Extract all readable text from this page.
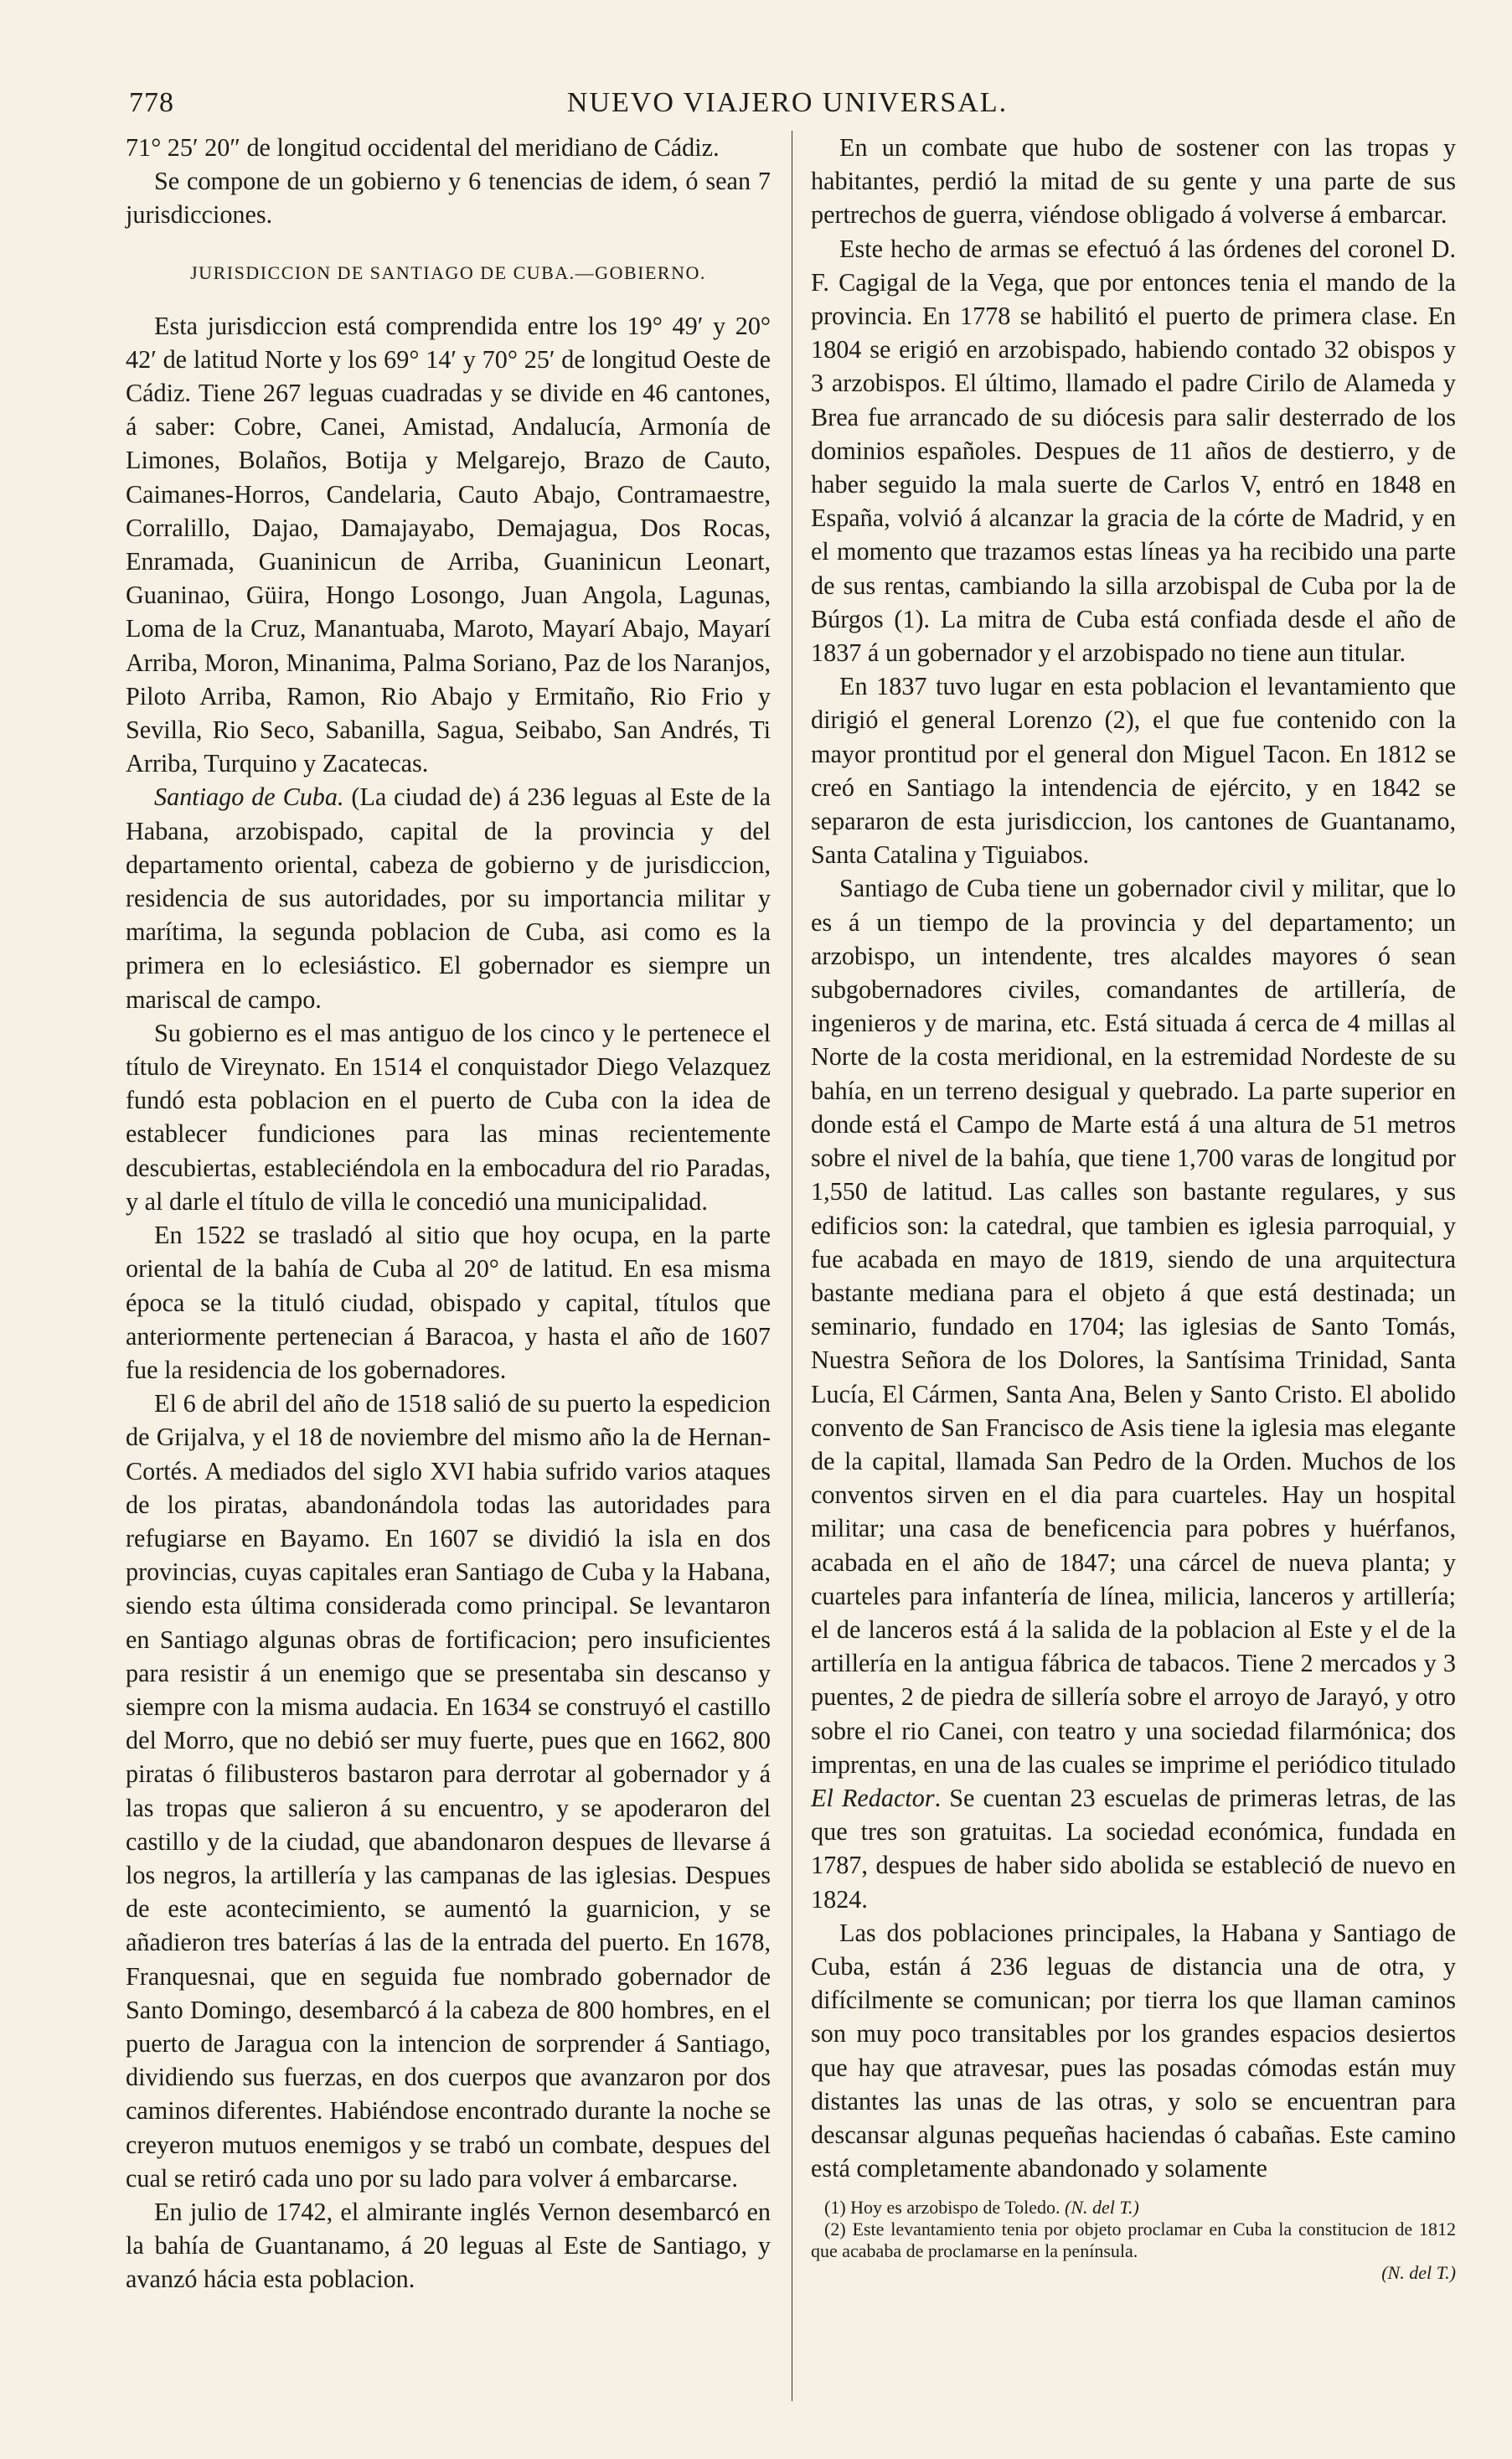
778	NUEVO VIAJERO UNIVERSAL.

71° 25′ 20″ de longitud occidental del meridiano de Cádiz.

Se compone de un gobierno y 6 tenencias de idem, ó sean 7 jurisdicciones.

JURISDICCION DE SANTIAGO DE CUBA.—GOBIERNO.

Esta jurisdiccion está comprendida entre los 19° 49′ y 20° 42′ de latitud Norte y los 69° 14′ y 70° 25′ de longitud Oeste de Cádiz. Tiene 267 leguas cuadradas y se divide en 46 cantones, á saber: Cobre, Canei, Amistad, Andalucía, Armonía de Limones, Bolaños, Botija y Melgarejo, Brazo de Cauto, Caimanes-Horros, Candelaria, Cauto Abajo, Contramaestre, Corralillo, Dajao, Damajayabo, Demajagua, Dos Rocas, Enramada, Guaninicun de Arriba, Guaninicun Leonart, Guaninao, Güira, Hongo Losongo, Juan Angola, Lagunas, Loma de la Cruz, Manantuaba, Maroto, Mayarí Abajo, Mayarí Arriba, Moron, Minanima, Palma Soriano, Paz de los Naranjos, Piloto Arriba, Ramon, Rio Abajo y Ermitaño, Rio Frio y Sevilla, Rio Seco, Sabanilla, Sagua, Seibabo, San Andrés, Ti Arriba, Turquino y Zacatecas.

Santiago de Cuba. (La ciudad de) á 236 leguas al Este de la Habana, arzobispado, capital de la provincia y del departamento oriental, cabeza de gobierno y de jurisdiccion, residencia de sus autoridades, por su importancia militar y marítima, la segunda poblacion de Cuba, asi como es la primera en lo eclesiástico. El gobernador es siempre un mariscal de campo.

Su gobierno es el mas antiguo de los cinco y le pertenece el título de Vireynato. En 1514 el conquistador Diego Velazquez fundó esta poblacion en el puerto de Cuba con la idea de establecer fundiciones para las minas recientemente descubiertas, estableciéndola en la embocadura del rio Paradas, y al darle el título de villa le concedió una municipalidad.

En 1522 se trasladó al sitio que hoy ocupa, en la parte oriental de la bahía de Cuba al 20° de latitud. En esa misma época se la tituló ciudad, obispado y capital, títulos que anteriormente pertenecian á Baracoa, y hasta el año de 1607 fue la residencia de los gobernadores.

El 6 de abril del año de 1518 salió de su puerto la espedicion de Grijalva, y el 18 de noviembre del mismo año la de Hernan-Cortés. A mediados del siglo XVI habia sufrido varios ataques de los piratas, abandonándola todas las autoridades para refugiarse en Bayamo. En 1607 se dividió la isla en dos provincias, cuyas capitales eran Santiago de Cuba y la Habana, siendo esta última considerada como principal. Se levantaron en Santiago algunas obras de fortificacion; pero insuficientes para resistir á un enemigo que se presentaba sin descanso y siempre con la misma audacia. En 1634 se construyó el castillo del Morro, que no debió ser muy fuerte, pues que en 1662, 800 piratas ó filibusteros bastaron para derrotar al gobernador y á las tropas que salieron á su encuentro, y se apoderaron del castillo y de la ciudad, que abandonaron despues de llevarse á los negros, la artillería y las campanas de las iglesias. Despues de este acontecimiento, se aumentó la guarnicion, y se añadieron tres baterías á las de la entrada del puerto. En 1678, Franquesnai, que en seguida fue nombrado gobernador de Santo Domingo, desembarcó á la cabeza de 800 hombres, en el puerto de Jaragua con la intencion de sorprender á Santiago, dividiendo sus fuerzas, en dos cuerpos que avanzaron por dos caminos diferentes. Habiéndose encontrado durante la noche se creyeron mutuos enemigos y se trabó un combate, despues del cual se retiró cada uno por su lado para volver á embarcarse.

En julio de 1742, el almirante inglés Vernon desembarcó en la bahía de Guantanamo, á 20 leguas al Este de Santiago, y avanzó hácia esta poblacion.

En un combate que hubo de sostener con las tropas y habitantes, perdió la mitad de su gente y una parte de sus pertrechos de guerra, viéndose obligado á volverse á embarcar.

Este hecho de armas se efectuó á las órdenes del coronel D. F. Cagigal de la Vega, que por entonces tenia el mando de la provincia. En 1778 se habilitó el puerto de primera clase. En 1804 se erigió en arzobispado, habiendo contado 32 obispos y 3 arzobispos. El último, llamado el padre Cirilo de Alameda y Brea fue arrancado de su diócesis para salir desterrado de los dominios españoles. Despues de 11 años de destierro, y de haber seguido la mala suerte de Carlos V, entró en 1848 en España, volvió á alcanzar la gracia de la córte de Madrid, y en el momento que trazamos estas líneas ya ha recibido una parte de sus rentas, cambiando la silla arzobispal de Cuba por la de Búrgos (1). La mitra de Cuba está confiada desde el año de 1837 á un gobernador y el arzobispado no tiene aun titular.

En 1837 tuvo lugar en esta poblacion el levantamiento que dirigió el general Lorenzo (2), el que fue contenido con la mayor prontitud por el general don Miguel Tacon. En 1812 se creó en Santiago la intendencia de ejército, y en 1842 se separaron de esta jurisdiccion, los cantones de Guantanamo, Santa Catalina y Tiguiabos.

Santiago de Cuba tiene un gobernador civil y militar, que lo es á un tiempo de la provincia y del departamento; un arzobispo, un intendente, tres alcaldes mayores ó sean subgobernadores civiles, comandantes de artillería, de ingenieros y de marina, etc. Está situada á cerca de 4 millas al Norte de la costa meridional, en la estremidad Nordeste de su bahía, en un terreno desigual y quebrado. La parte superior en donde está el Campo de Marte está á una altura de 51 metros sobre el nivel de la bahía, que tiene 1,700 varas de longitud por 1,550 de latitud. Las calles son bastante regulares, y sus edificios son: la catedral, que tambien es iglesia parroquial, y fue acabada en mayo de 1819, siendo de una arquitectura bastante mediana para el objeto á que está destinada; un seminario, fundado en 1704; las iglesias de Santo Tomás, Nuestra Señora de los Dolores, la Santísima Trinidad, Santa Lucía, El Cármen, Santa Ana, Belen y Santo Cristo. El abolido convento de San Francisco de Asis tiene la iglesia mas elegante de la capital, llamada San Pedro de la Orden. Muchos de los conventos sirven en el dia para cuarteles. Hay un hospital militar; una casa de beneficencia para pobres y huérfanos, acabada en el año de 1847; una cárcel de nueva planta; y cuarteles para infantería de línea, milicia, lanceros y artillería; el de lanceros está á la salida de la poblacion al Este y el de la artillería en la antigua fábrica de tabacos. Tiene 2 mercados y 3 puentes, 2 de piedra de sillería sobre el arroyo de Jarayó, y otro sobre el rio Canei, con teatro y una sociedad filarmónica; dos imprentas, en una de las cuales se imprime el periódico titulado El Redactor. Se cuentan 23 escuelas de primeras letras, de las que tres son gratuitas. La sociedad económica, fundada en 1787, despues de haber sido abolida se estableció de nuevo en 1824.

Las dos poblaciones principales, la Habana y Santiago de Cuba, están á 236 leguas de distancia una de otra, y difícilmente se comunican; por tierra los que llaman caminos son muy poco transitables por los grandes espacios desiertos que hay que atravesar, pues las posadas cómodas están muy distantes las unas de las otras, y solo se encuentran para descansar algunas pequeñas haciendas ó cabañas. Este camino está completamente abandonado y solamente

(1) Hoy es arzobispo de Toledo. (N. del T.)

(2) Este levantamiento tenia por objeto proclamar en Cuba la constitucion de 1812 que acababa de proclamarse en la península.

(N. del T.)
